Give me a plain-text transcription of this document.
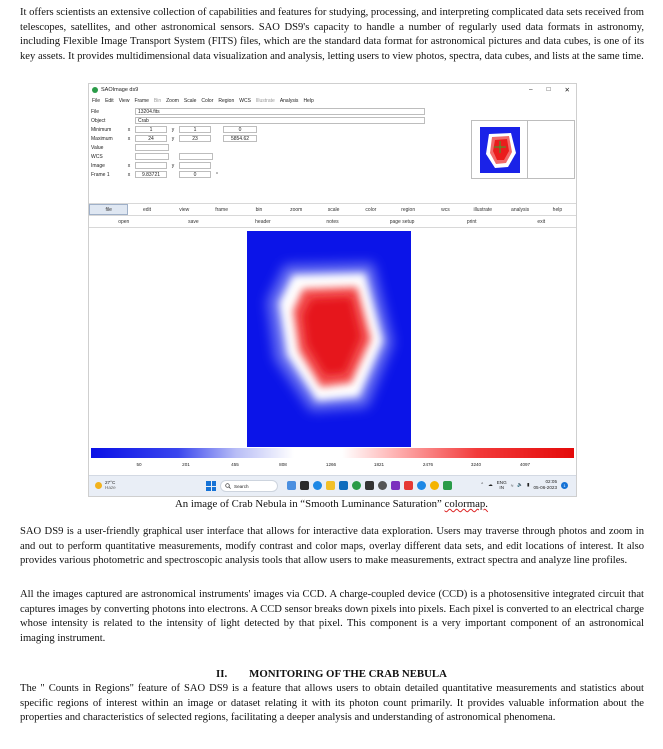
It offers scientists an extensive collection of capabilities and features for studying, processing, and interpreting complicated data sets received from telescopes, satellites, and other astronomical sensors. SAO DS9's capacity to handle a number of regularly used data formats in astronomy, including Flexible Image Transport System (FITS) files, which are the standard data format for astronomical pictures and data cubes, is one of its key assets. It provides multidimensional data visualization and analysis, letting users to view photos, spectra, data cubes, and lists at the same time.

SAOImage ds9	– □ ✕
File Edit View Frame Bin Zoom Scale Color Region WCS Illustrate Analysis Help
File	13204.fits
Object	Crab
Minimum	x	1	y	1	0
Maximum	x	24	y	23	5854.62
Value
WCS
Image	x	y
Frame 1	x	9.83721	0	°
file	edit	view	frame	bin	zoom	scale	color	region	wcs	illustrate	analysis	help
open	save	header	notes	page setup	print	exit
50	201	455	808	1266	1821	2476	3240	4097
27°C
Haze	Search	⌃ ☁ ENG
IN	≈ 🔈 ▮
02:05
05-06-2023	1
An image of Crab Nebula in “Smooth Luminance Saturation” colormap.

SAO DS9 is a user-friendly graphical user interface that allows for interactive data exploration. Users may traverse through photos and zoom in and out to perform quantitative measurements, modify contrast and color maps, overlay different data sets, and edit locations of interest. It also provides various photometric and spectroscopic analysis tools that allow users to make measurements, extract spectra and analyze line profiles.

All the images captured are astronomical instruments' images via CCD. A charge-coupled device (CCD) is a photosensitive integrated circuit that captures images by converting photons into electrons. A CCD sensor breaks down pixels into pixels. Each pixel is converted to an electrical charge whose intensity is related to the intensity of light detected by that pixel. This component is a very important component of an astronomical imaging instrument.

II. MONITORING OF THE CRAB NEBULA

The " Counts in Regions" feature of SAO DS9 is a feature that allows users to obtain detailed quantitative measurements and statistics about specific regions of interest within an image or dataset relating it with its photon count primarily. It provides valuable information about the properties and characteristics of selected regions, facilitating a deeper analysis and understanding of astronomical phenomena.
